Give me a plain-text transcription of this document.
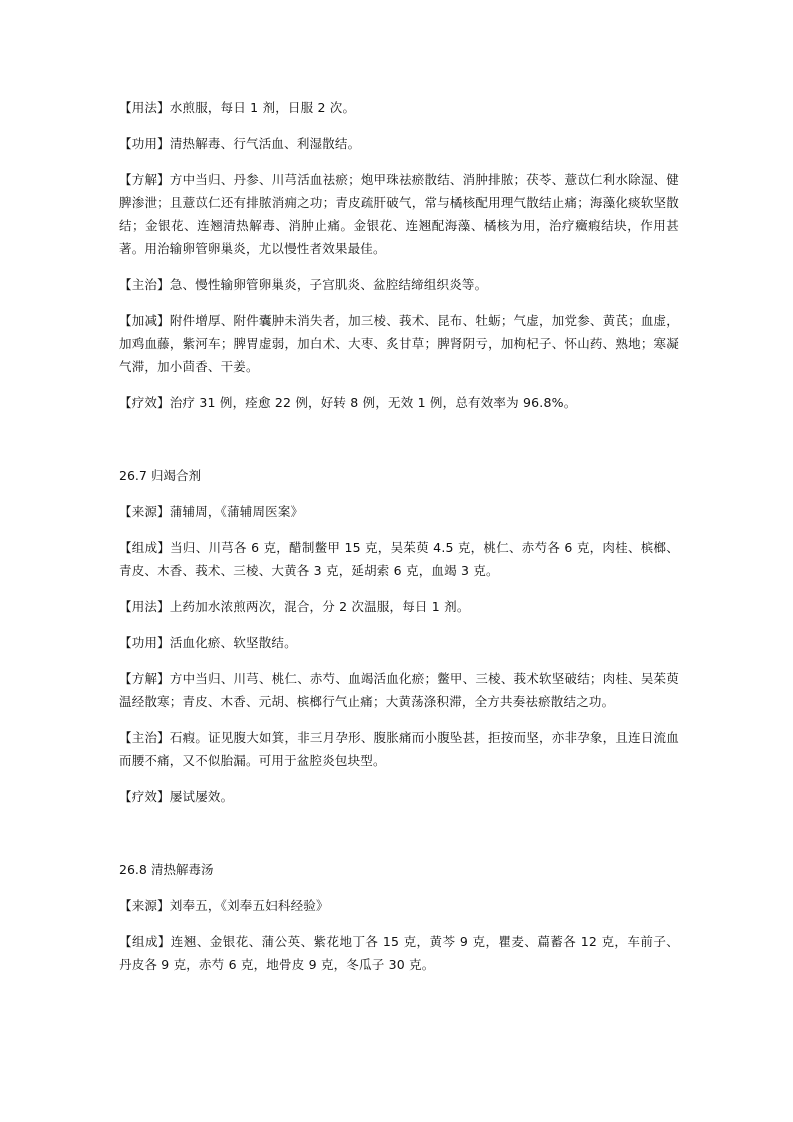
【用法】水煎服，每日 1 剂，日服 2 次。

【功用】清热解毒、行气活血、利湿散结。

【方解】方中当归、丹参、川芎活血祛瘀；炮甲珠祛瘀散结、消肿排脓；茯苓、薏苡仁利水除湿、健脾渗泄；且薏苡仁还有排脓消痈之功；青皮疏肝破气，常与橘核配用理气散结止痛；海藻化痰软坚散结；金银花、连翘清热解毒、消肿止痛。金银花、连翘配海藻、橘核为用，治疗癥瘕结块，作用甚著。用治输卵管卵巢炎，尤以慢性者效果最佳。

【主治】急、慢性输卵管卵巢炎，子宫肌炎、盆腔结缔组织炎等。

【加减】附件增厚、附件囊肿未消失者，加三棱、莪术、昆布、牡蛎；气虚，加党参、黄芪；血虚，加鸡血藤，紫河车；脾胃虚弱，加白术、大枣、炙甘草；脾肾阴亏，加枸杞子、怀山药、熟地；寒凝气滞，加小茴香、干姜。

【疗效】治疗 31 例，痊愈 22 例，好转 8 例，无效 1 例，总有效率为 96.8%。

26.7 归竭合剂

【来源】蒲辅周，《蒲辅周医案》

【组成】当归、川芎各 6 克，醋制鳖甲 15 克，吴茱萸 4.5 克，桃仁、赤芍各 6 克，肉桂、槟榔、青皮、木香、莪术、三棱、大黄各 3 克，延胡索 6 克，血竭 3 克。

【用法】上药加水浓煎两次，混合，分 2 次温服，每日 1 剂。

【功用】活血化瘀、软坚散结。

【方解】方中当归、川芎、桃仁、赤芍、血竭活血化瘀；鳖甲、三棱、莪术软坚破结；肉桂、吴茱萸温经散寒；青皮、木香、元胡、槟榔行气止痛；大黄荡涤积滞，全方共奏祛瘀散结之功。

【主治】石瘕。证见腹大如箕，非三月孕形、腹胀痛而小腹坠甚，拒按而坚，亦非孕象，且连日流血而腰不痛，又不似胎漏。可用于盆腔炎包块型。

【疗效】屡试屡效。

26.8 清热解毒汤

【来源】刘奉五，《刘奉五妇科经验》

【组成】连翘、金银花、蒲公英、紫花地丁各 15 克，黄芩 9 克，瞿麦、萹蓄各 12 克，车前子、丹皮各 9 克，赤芍 6 克，地骨皮 9 克，冬瓜子 30 克。
